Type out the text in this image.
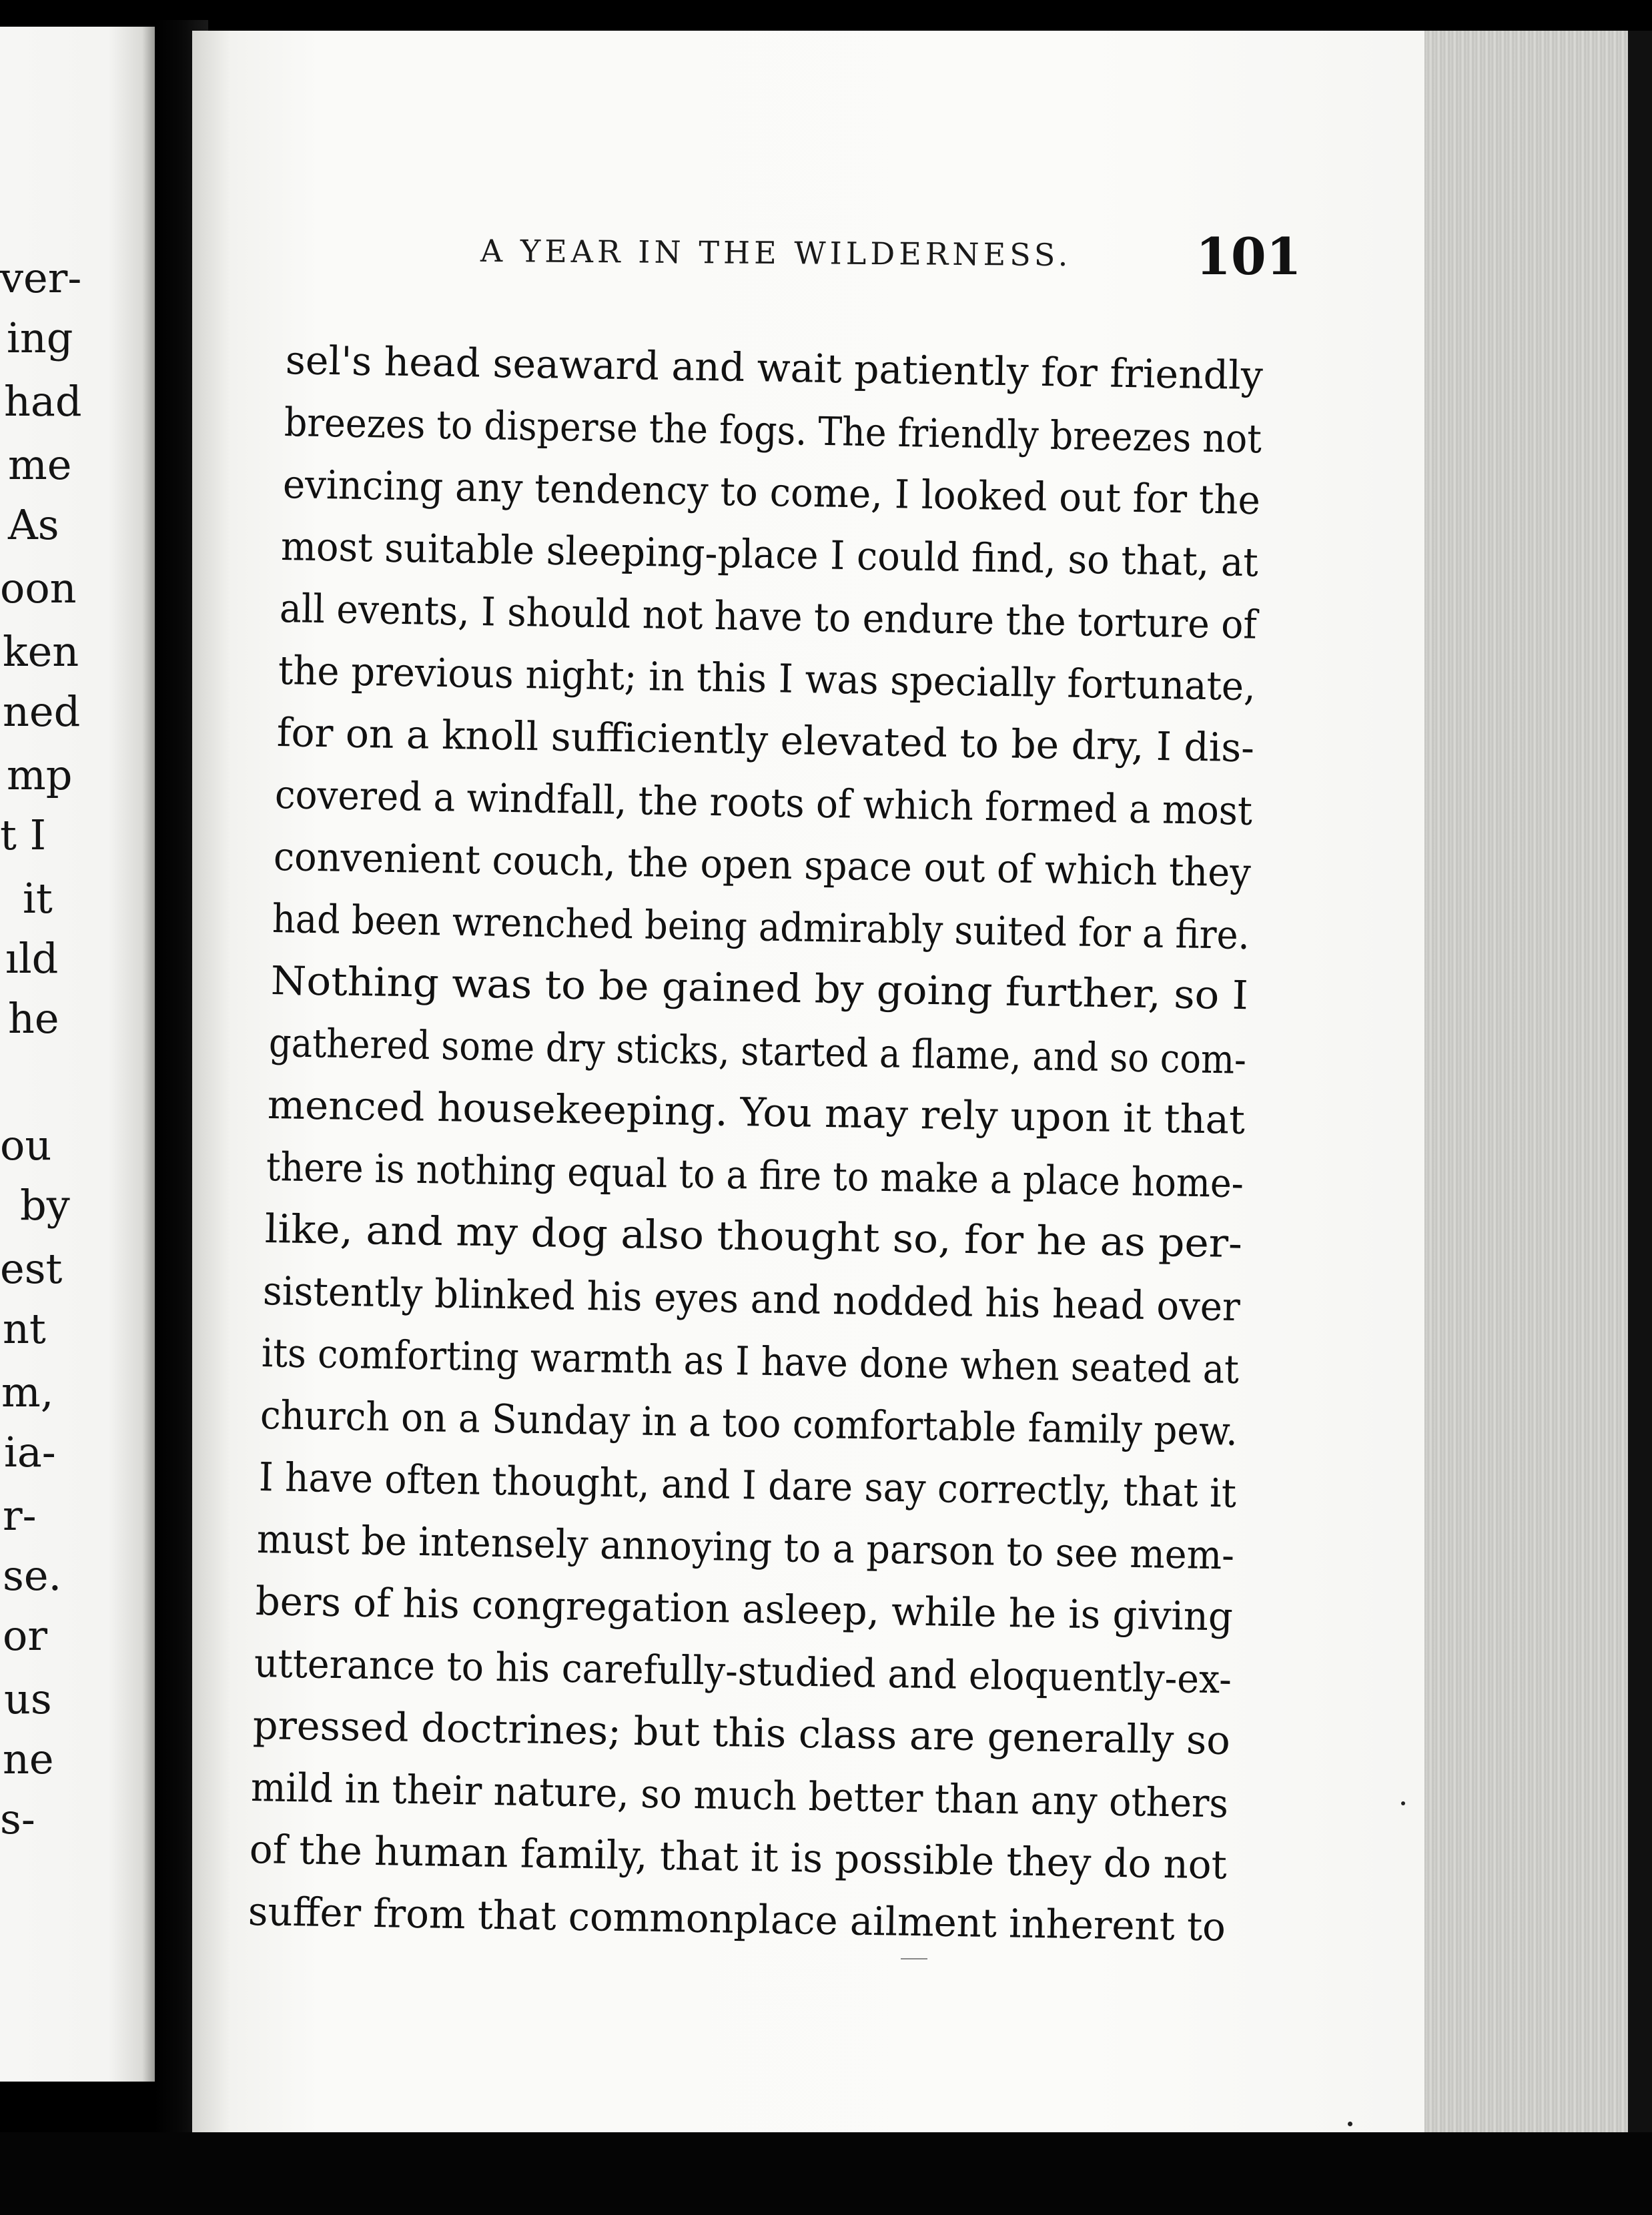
ver-
ing
had
me
As
oon
ken
ned
mp
t I
it
ıld
he
ou
by
est
nt
m,
ia-
r-
se.
or
us
ne
s-
A YEAR IN THE WILDERNESS. 101
sel's head seaward and wait patiently for friendly
breezes to disperse the fogs. The friendly breezes not
evincing any tendency to come, I looked out for the
most suitable sleeping-place I could find, so that, at
all events, I should not have to endure the torture of
the previous night; in this I was specially fortunate,
for on a knoll sufficiently elevated to be dry, I dis-
covered a windfall, the roots of which formed a most
convenient couch, the open space out of which they
had been wrenched being admirably suited for a fire.
Nothing was to be gained by going further, so I
gathered some dry sticks, started a flame, and so com-
menced housekeeping. You may rely upon it that
there is nothing equal to a fire to make a place home-
like, and my dog also thought so, for he as per-
sistently blinked his eyes and nodded his head over
its comforting warmth as I have done when seated at
church on a Sunday in a too comfortable family pew.
I have often thought, and I dare say correctly, that it
must be intensely annoying to a parson to see mem-
bers of his congregation asleep, while he is giving
utterance to his carefully-studied and eloquently-ex-
pressed doctrines; but this class are generally so
mild in their nature, so much better than any others
of the human family, that it is possible they do not
suffer from that commonplace ailment inherent to
